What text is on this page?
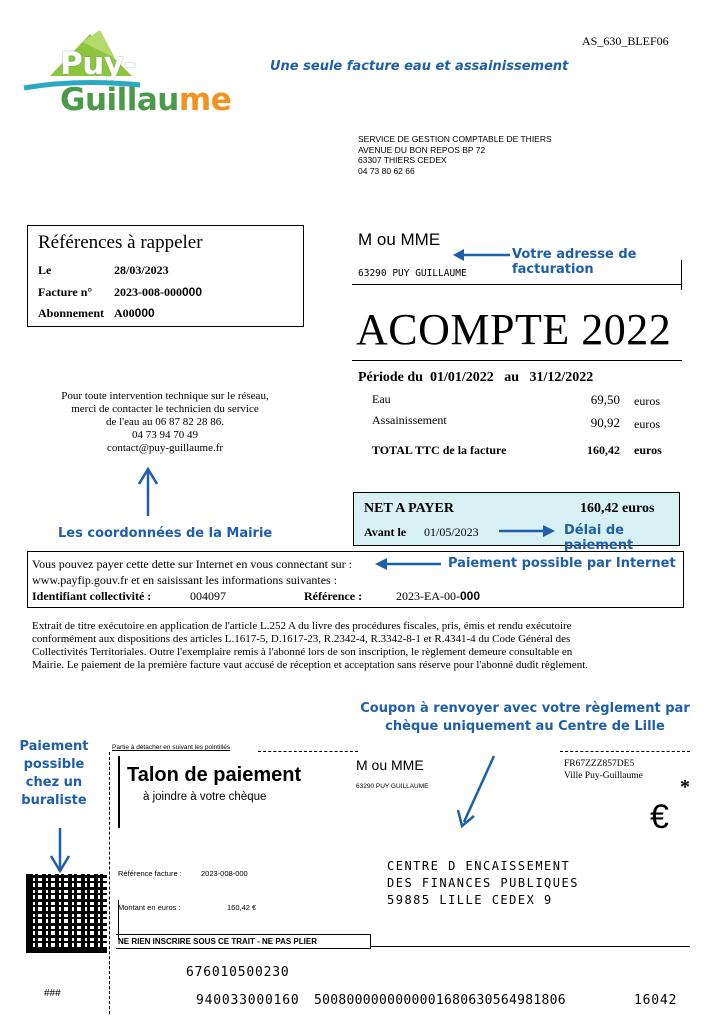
AS_630_BLEF06
Puy-Guillaume
Une seule facture eau et assainissement
SERVICE DE GESTION COMPTABLE DE THIERS
AVENUE DU BON REPOS BP 72
63307 THIERS CEDEX
04 73 80 62 66
Références à rappeler
Le	28/03/2023
Facture n° 2023-008-000000
Abonnement A00000
M ou MME
63290 PUY GUILLAUME
Votre adresse de facturation
ACOMPTE 2022
Période du 01/01/2022 au 31/12/2022
Eau	69,50 euros
Assainissement	90,92 euros
TOTAL TTC de la facture	160,42 euros
Pour toute intervention technique sur le réseau,
merci de contacter le technicien du service
de l'eau au 06 87 82 28 86.
04 73 94 70 49
contact@puy-guillaume.fr
Les coordonnées de la Mairie
NET A PAYER	160,42 euros
Avant le 01/05/2023	Délai de paiement
Vous pouvez payer cette dette sur Internet en vous connectant sur :
www.payfip.gouv.fr et en saisissant les informations suivantes :
Identifiant collectivité :	004097	Référence :	2023-EA-00-000
Paiement possible par Internet
Extrait de titre exécutoire en application de l'article L.252 A du livre des procédures fiscales, pris, émis et rendu exécutoire
conformément aux dispositions des articles L.1617-5, D.1617-23, R.2342-4, R.3342-8-1 et R.4341-4 du Code Général des
Collectivités Territoriales. Outre l'exemplaire remis à l'abonné lors de son inscription, le règlement demeure consultable en
Mairie. Le paiement de la première facture vaut accusé de réception et acceptation sans réserve pour l'abonné dudit règlement.
Coupon à renvoyer avec votre règlement par
chèque uniquement au Centre de Lille
Paiement
possible
chez un
buraliste
Partie à détacher en suivant les pointillés
Talon de paiement
à joindre à votre chèque
M ou MME
63290 PUY GUILLAUME
FR67ZZZ857DE5
Ville Puy-Guillaume *
€
Référence facture :	2023-008-000
Montant en euros :	160,42 €
CENTRE D ENCAISSEMENT
DES FINANCES PUBLIQUES
59885 LILLE CEDEX 9
NE RIEN INSCRIRE SOUS CE TRAIT - NE PAS PLIER
676010500230
###	940033000160 5008000000000001680630564981806	16042
